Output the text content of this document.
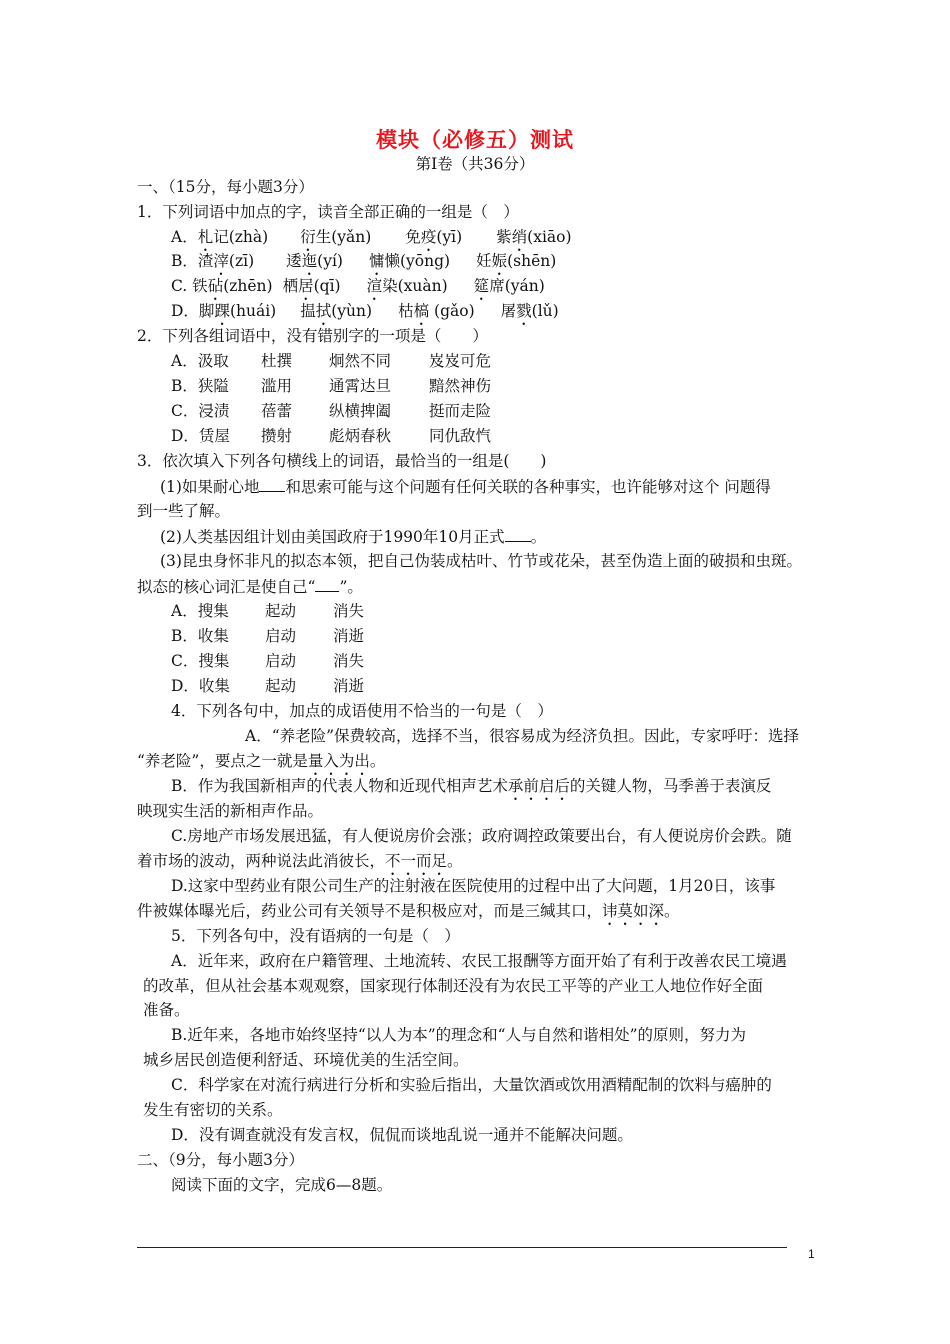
模块（必修五）测试
第Ⅰ卷（共36分）
一、（15分，每小题3分）
1．下列词语中加点的字，读音全部正确的一组是（　）
A．札记(zhà) 衍生(yǎn) 免疫(yī) 紫绡(xiāo)
B．渣滓(zī) 逶迤(yí) 慵懒(yōng) 妊娠(shēn)
C. 铁砧(zhēn) 栖居(qī) 渲染(xuàn) 筵席(yán)
D．脚踝(huái) 揾拭(yùn) 枯槁 (gǎo) 屠戮(lǔ)
2．下列各组词语中，没有错别字的一项是（　　）
A．汲取 杜撰 炯然不同 岌岌可危
B．狭隘 滥用 通霄达旦 黯然神伤
C．浸渍 蓓蕾 纵横捭阖 挺而走险
D．赁屋 攒射 彪炳春秋 同仇敌忾
3．依次填入下列各句横线上的词语，最恰当的一组是(　　)
(1)如果耐心地 和思索可能与这个问题有任何关联的各种事实，也许能够对这个 问题得
到一些了解。
(2)人类基因组计划由美国政府于1990年10月正式 。
(3)昆虫身怀非凡的拟态本领，把自己伪装成枯叶、竹节或花朵，甚至伪造上面的破损和虫斑。
拟态的核心词汇是使自己“ ”。
A．搜集 起动 消失
B．收集 启动 消逝
C．搜集 启动 消失
D．收集 起动 消逝
4．下列各句中，加点的成语使用不恰当的一句是（　）
A．“养老险”保费较高，选择不当，很容易成为经济负担。因此，专家呼吁：选择
“养老险”，要点之一就是量入为出。
B．作为我国新相声的代表人物和近现代相声艺术承前启后的关键人物，马季善于表演反
映现实生活的新相声作品。
C.房地产市场发展迅猛，有人便说房价会涨；政府调控政策要出台，有人便说房价会跌。随
着市场的波动，两种说法此消彼长，不一而足。
D.这家中型药业有限公司生产的注射液在医院使用的过程中出了大问题，1月20日，该事
件被媒体曝光后，药业公司有关领导不是积极应对，而是三缄其口，讳莫如深。
5．下列各句中，没有语病的一句是（　）
A．近年来，政府在户籍管理、土地流转、农民工报酬等方面开始了有利于改善农民工境遇
的改革，但从社会基本观观察，国家现行体制还没有为农民工平等的产业工人地位作好全面
准备。
B.近年来，各地市始终坚持“以人为本”的理念和“人与自然和谐相处”的原则，努力为
城乡居民创造便利舒适、环境优美的生活空间。
C．科学家在对流行病进行分析和实验后指出，大量饮酒或饮用酒精配制的饮料与癌肿的
发生有密切的关系。
D．没有调查就没有发言权，侃侃而谈地乱说一通并不能解决问题。
二、（9分，每小题3分）
阅读下面的文字，完成6—8题。
1
